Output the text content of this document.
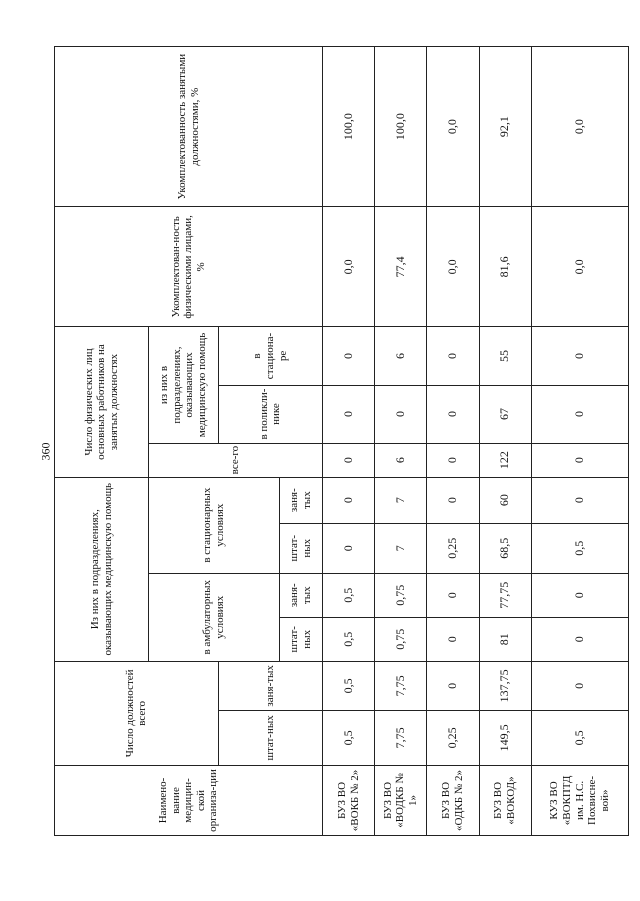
360
Наимено-вание медицин-ской организа-ции	Число должностей всего		Из них в подразделениях, оказывающих медицинскую помощь				Число физических лиц основных работников на занятых должностях			Укомплектован-ность физическими лицами, %	Укомплектованность занятыми должностями, %
			в амбулаторных условиях		в стационарных условиях		все-го	из них в подразделениях, оказывающих медицинскую помощь			
	штат-ных	заня-тых						в поликли-нике	в стациона-ре		
			штат-ных	заня-тых	штат-ных	заня-тых					
БУЗ ВО «ВОКБ № 2»	0,5	0,5	0,5	0,5	0	0	0	0	0	0,0	100,0
БУЗ ВО «ВОДКБ № 1»	7,75	7,75	0,75	0,75	7	7	6	0	6	77,4	100,0
БУЗ ВО «ОДКБ № 2»	0,25	0	0	0	0,25	0	0	0	0	0,0	0,0
БУЗ ВО «ВОКОД»	149,5	137,75	81	77,75	68,5	60	122	67	55	81,6	92,1
КУЗ ВО «ВОКПТД им. Н.С. Похвисне-вой»	0,5	0	0	0	0,5	0	0	0	0	0,0	0,0
